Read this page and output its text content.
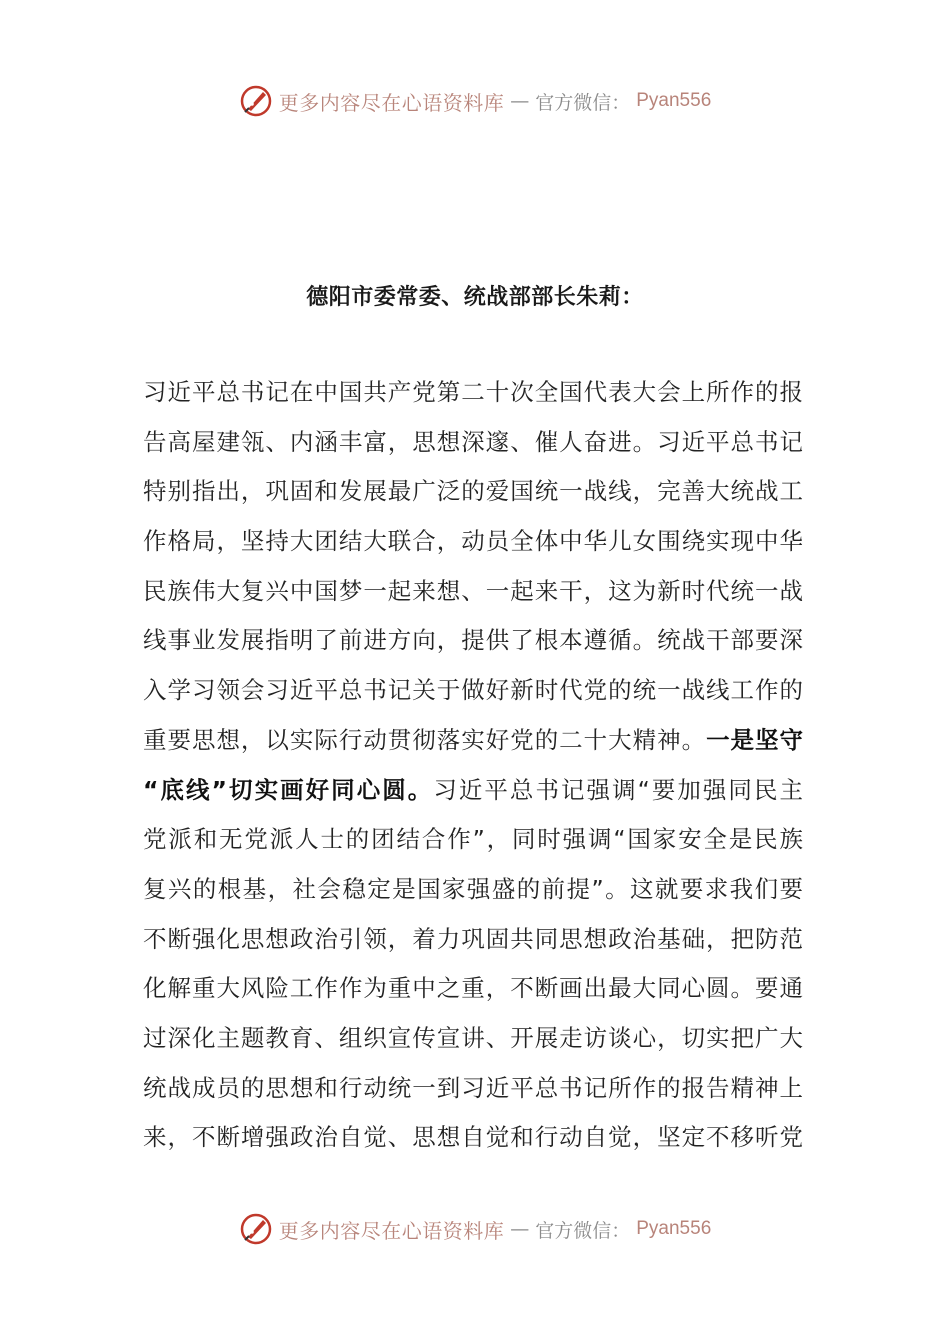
更多内容尽在心语资料库 — 官方微信： Pyan556
德阳市委常委、统战部部长朱莉：
习近平总书记在中国共产党第二十次全国代表大会上所作的报
告高屋建瓴、内涵丰富，思想深邃、催人奋进。习近平总书记
特别指出，巩固和发展最广泛的爱国统一战线，完善大统战工
作格局，坚持大团结大联合，动员全体中华儿女围绕实现中华
民族伟大复兴中国梦一起来想、一起来干，这为新时代统一战
线事业发展指明了前进方向，提供了根本遵循。统战干部要深
入学习领会习近平总书记关于做好新时代党的统一战线工作的
重要思想，以实际行动贯彻落实好党的二十大精神。一是坚守
“底线”切实画好同心圆。习近平总书记强调“要加强同民主
党派和无党派人士的团结合作”，同时强调“国家安全是民族
复兴的根基，社会稳定是国家强盛的前提”。这就要求我们要
不断强化思想政治引领，着力巩固共同思想政治基础，把防范
化解重大风险工作作为重中之重，不断画出最大同心圆。要通
过深化主题教育、组织宣传宣讲、开展走访谈心，切实把广大
统战成员的思想和行动统一到习近平总书记所作的报告精神上
来，不断增强政治自觉、思想自觉和行动自觉，坚定不移听党
更多内容尽在心语资料库 — 官方微信： Pyan556
